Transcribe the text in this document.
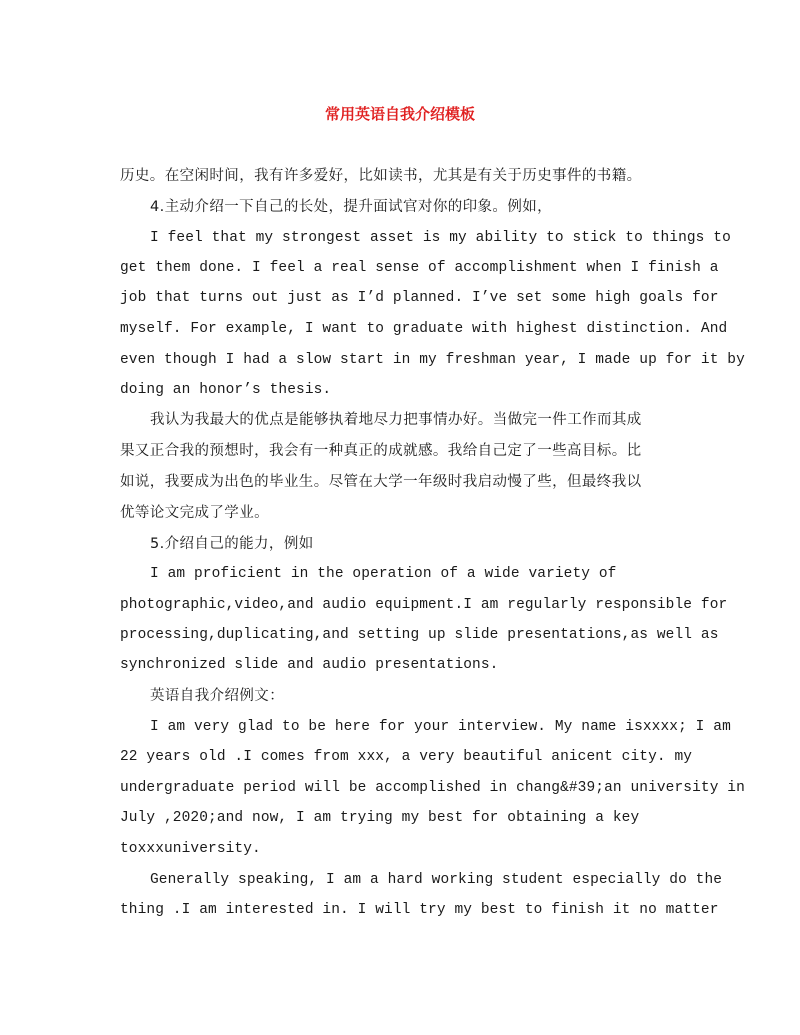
常用英语自我介绍模板
历史。在空闲时间，我有许多爱好，比如读书，尤其是有关于历史事件的书籍。
4.主动介绍一下自己的长处，提升面试官对你的印象。例如，
I feel that my strongest asset is my ability to stick to things to
get them done. I feel a real sense of accomplishment when I finish a
job that turns out just as I’d planned. I’ve set some high goals for
myself. For example, I want to graduate with highest distinction. And
even though I had a slow start in my freshman year, I made up for it by
doing an honor’s thesis.
我认为我最大的优点是能够执着地尽力把事情办好。当做完一件工作而其成
果又正合我的预想时，我会有一种真正的成就感。我给自己定了一些高目标。比
如说，我要成为出色的毕业生。尽管在大学一年级时我启动慢了些，但最终我以
优等论文完成了学业。
5.介绍自己的能力，例如
I am proficient in the operation of a wide variety of
photographic,video,and audio equipment.I am regularly responsible for
processing,duplicating,and setting up slide presentations,as well as
synchronized slide and audio presentations.
英语自我介绍例文：
I am very glad to be here for your interview. My name isxxxx; I am
22 years old .I comes from xxx, a very beautiful anicent city. my
undergraduate period will be accomplished in chang&#39;an university in
July ,2020;and now, I am trying my best for obtaining a key
toxxxuniversity.
Generally speaking, I am a hard working student especially do the
thing .I am interested in. I will try my best to finish it no matter
